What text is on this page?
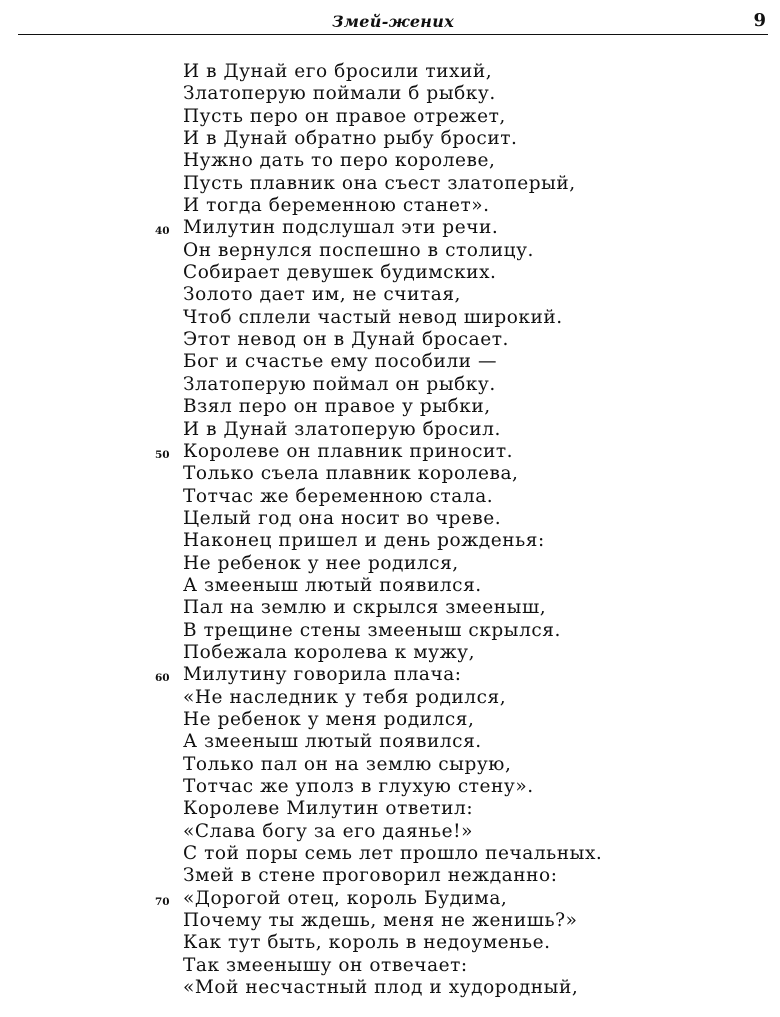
Змей-жених	9
И в Дунай его бросили тихий,
Златоперую поймали б рыбку.
Пусть перо он правое отрежет,
И в Дунай обратно рыбу бросит.
Нужно дать то перо королеве,
Пусть плавник она съест златоперый,
И тогда беременною станет».
40 Милутин подслушал эти речи.
Он вернулся поспешно в столицу.
Собирает девушек будимских.
Золото дает им, не считая,
Чтоб сплели частый невод широкий.
Этот невод он в Дунай бросает.
Бог и счастье ему пособили —
Златоперую поймал он рыбку.
Взял перо он правое у рыбки,
И в Дунай златоперую бросил.
50 Королеве он плавник приносит.
Только съела плавник королева,
Тотчас же беременною стала.
Целый год она носит во чреве.
Наконец пришел и день рожденья:
Не ребенок у нее родился,
А змееныш лютый появился.
Пал на землю и скрылся змееныш,
В трещине стены змееныш скрылся.
Побежала королева к мужу,
60 Милутину говорила плача:
«Не наследник у тебя родился,
Не ребенок у меня родился,
А змееныш лютый появился.
Только пал он на землю сырую,
Тотчас же уполз в глухую стену».
Королеве Милутин ответил:
«Слава богу за его даянье!»
С той поры семь лет прошло печальных.
Змей в стене проговорил нежданно:
70 «Дорогой отец, король Будима,
Почему ты ждешь, меня не женишь?»
Как тут быть, король в недоуменье.
Так змеенышу он отвечает:
«Мой несчастный плод и худородный,
